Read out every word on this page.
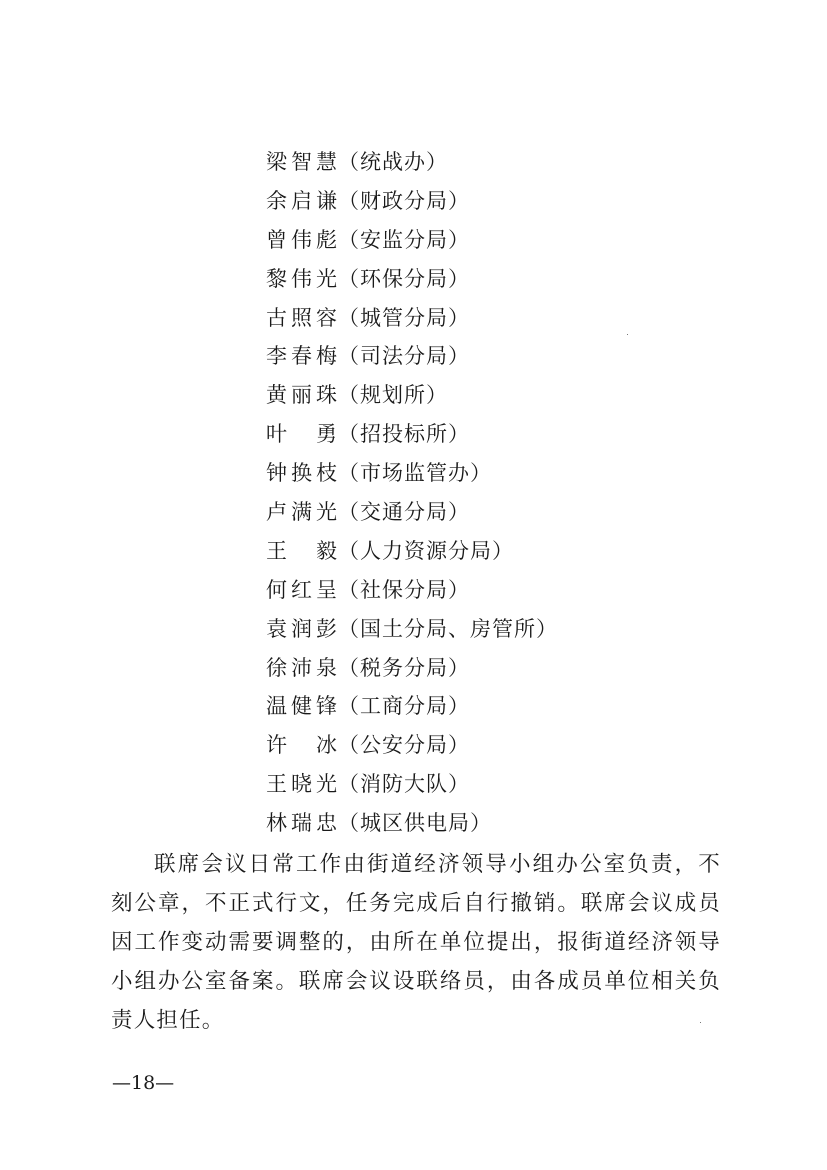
梁智慧（统战办）
余启谦（财政分局）
曾伟彪（安监分局）
黎伟光（环保分局）
古照容（城管分局）
李春梅（司法分局）
黄丽珠（规划所）
叶勇（招投标所）
钟换枝（市场监管办）
卢满光（交通分局）
王毅（人力资源分局）
何红呈（社保分局）
袁润彭（国土分局、房管所）
徐沛泉（税务分局）
温健锋（工商分局）
许冰（公安分局）
王晓光（消防大队）
林瑞忠（城区供电局）

联席会议日常工作由街道经济领导小组办公室负责，不刻公章，不正式行文，任务完成后自行撤销。联席会议成员因工作变动需要调整的，由所在单位提出，报街道经济领导小组办公室备案。联席会议设联络员，由各成员单位相关负责人担任。

—18—
